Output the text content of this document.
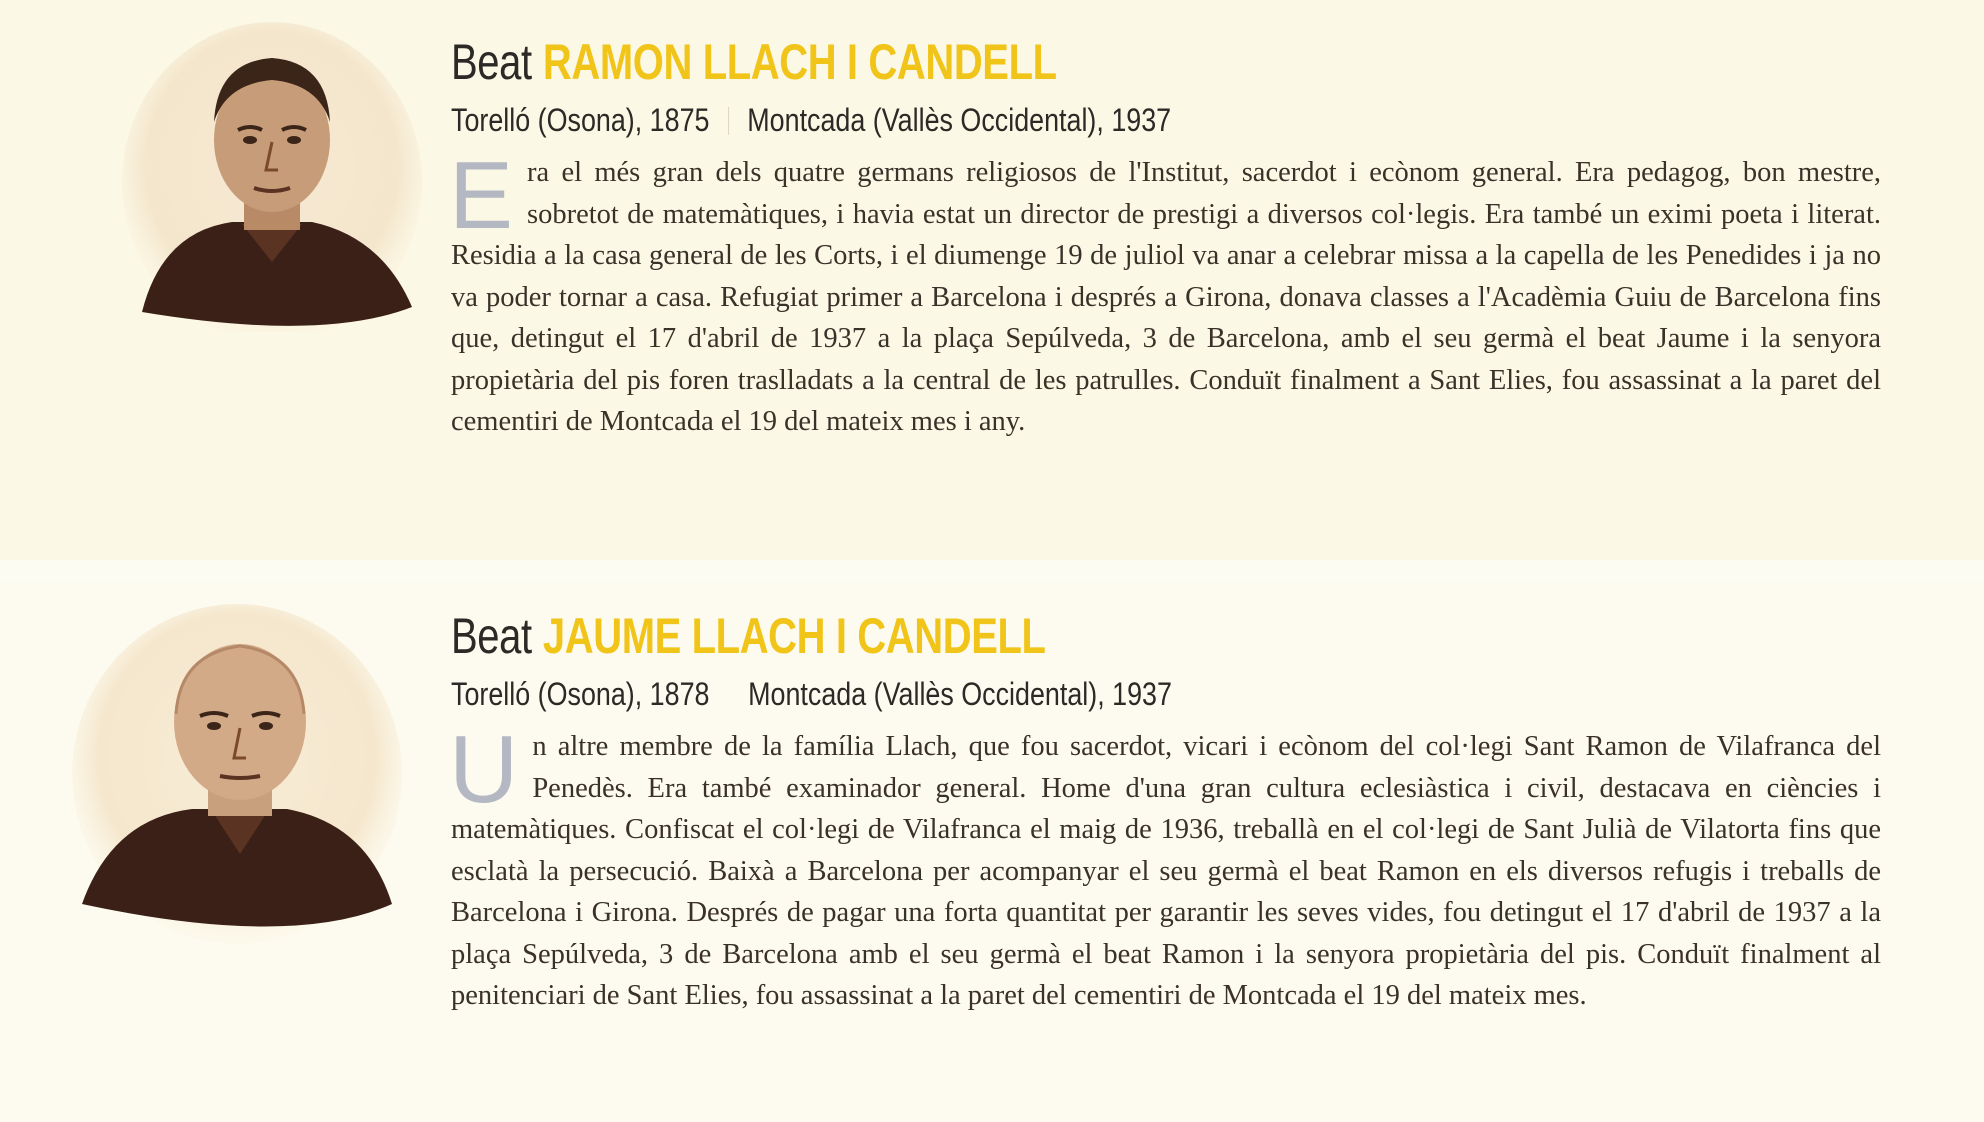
Beat RAMON LLACH I CANDELL
Torelló (Osona), 1875 Montcada (Vallès Occidental), 1937
Era el més gran dels quatre germans religiosos de l'Institut, sacerdot i ecònom general. Era pedagog, bon mestre, sobretot de matemàtiques, i havia estat un director de prestigi a diversos col·legis. Era també un eximi poeta i literat. Residia a la casa general de les Corts, i el diumenge 19 de juliol va anar a celebrar missa a la capella de les Penedides i ja no va poder tornar a casa. Refugiat primer a Barcelona i després a Girona, donava classes a l'Acadèmia Guiu de Barcelona fins que, detingut el 17 d'abril de 1937 a la plaça Sepúlveda, 3 de Barcelona, amb el seu germà el beat Jaume i la senyora propietària del pis foren traslladats a la central de les patrulles. Conduït finalment a Sant Elies, fou assassinat a la paret del cementiri de Montcada el 19 del mateix mes i any.
Beat JAUME LLACH I CANDELL
Torelló (Osona), 1878 Montcada (Vallès Occidental), 1937
Un altre membre de la família Llach, que fou sacerdot, vicari i ecònom del col·legi Sant Ramon de Vilafranca del Penedès. Era també examinador general. Home d'una gran cultura eclesiàstica i civil, destacava en ciències i matemàtiques. Confiscat el col·legi de Vilafranca el maig de 1936, treballà en el col·legi de Sant Julià de Vilatorta fins que esclatà la persecució. Baixà a Barcelona per acompanyar el seu germà el beat Ramon en els diversos refugis i treballs de Barcelona i Girona. Després de pagar una forta quantitat per garantir les seves vides, fou detingut el 17 d'abril de 1937 a la plaça Sepúlveda, 3 de Barcelona amb el seu germà el beat Ramon i la senyora propietària del pis. Conduït finalment al penitenciari de Sant Elies, fou assassinat a la paret del cementiri de Montcada el 19 del mateix mes.
